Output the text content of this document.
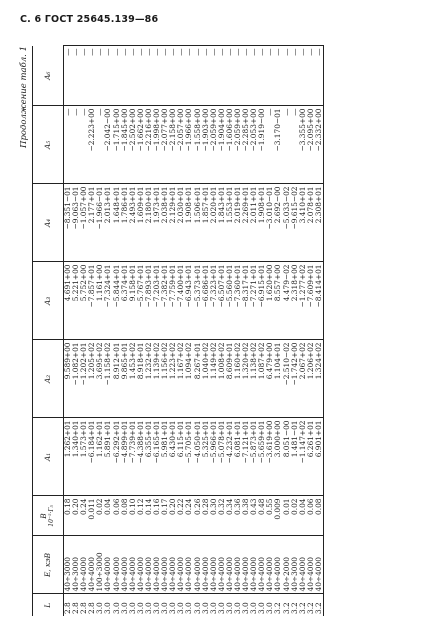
С. 6 ГОСТ 25645.139—86
Продолжение табл. 1
L	E, кэВ	B 10⁻⁵·Г₅	A₁	A₂	A₃	A₄	A₅	A₆	
2.8	40÷3000	0.18	1.262+01	9.589+00	4.691+00	−8.351−01	—	—	
2.8	40÷3000	0.20	1.340+01	−1.082+01	5.221+00	−9.063−01	—	—	
2.8	40÷4000	0.24	1.573+01	−1.202+01	5.752+00	−1.057+00	—	—	
2.8	40÷4000	0.011	−6.184+01	1.205+02	−7.857+01	2.177+01	−2.223+00	—	
3.0	100÷3000	0.02	1.162+01	3.695+02	1.161+00	−1.966−01	—	—	
3.0	40÷4000	0.04	5.891+01	−1.158+02	−7.324+01	2.013+01	−2.042−00	—	
3.0	40÷4000	0.06	−6.292+01	8.912+01	−5.844+01	1.648+01	−1.715+00	—	
3.0	40÷4000	0.08	−4.899+01	9.865+01	6.374+01	1.786+01	−1.845+00	—	
3.0	40÷4000	0.10	−7.739+01	1.453+02	9.158+01	2.493+01	−2.502+00	—	
3.0	40÷4000	0.12	−4.388+01	8.918+01	−5.767+01	1.609+01	−1.662+00	—	
3.0	40÷4000	0.14	6.355+01	1.232+02	−7.893+01	2.180+01	−2.216+00	—	
3.0	40÷4000	0.16	−6.165+01	1.139+02	−7.203+01	1.973+01	−1.998+00	—	
3.0	40÷4000	0.17	5.981+01	1.156+02	−7.382+01	2.038+01	−2.077+00	—	
3.0	40÷4000	0.20	6.430+01	1.223+02	−7.759+01	2.129+01	−2.158+00	—	
3.0	40÷4000	0.22	6.115+01	1.167+02	−7.400+01	2.030+01	−2.057+00	—	
3.0	40÷4000	0.24	−5.705+01	1.094+02	−6.943+01	1.908+01	−1.966+00	—	
3.0	40÷4000	0.26	−4.050+01	8.267+01	−5.373+01	1.506+01	−1.558+00	—	
3.0	40÷4000	0.28	5.325+01	1.040+02	−6.686+01	1.857+01	−1.903+00	—	
3.0	40÷4000	0.30	−5.966+01	1.149+02	−7.323+01	2.020+01	−2.059+00	—	
3.0	40÷4000	0.32	−5.078+01	1.008+02	−6.507+01	1.843+01	−1.904+00	—	
3.0	40÷4000	0.34	−4.232+01	8.609+01	−5.560+01	1.553+01	−1.606+00	—	
3.0	40÷4000	0.36	6.081+01	1.160+02	−7.360+01	2.019+01	−2.059+00	—	
3.0	40÷4000	0.38	−7.121+01	1.320+02	−8.317+01	2.269+01	−2.285+00	—	
3.0	40÷4000	0.43	−5.873+01	1.138+02	−7.271+01	2.011+01	−2.053+00	—	
3.0	40÷4000	0.48	−5.659+01	1.087+02	−6.915+01	1.908+01	−1.919−00	—	
3.0	40÷4000	0.55	−3.619+00	6.479+00	1.620+00	−3.010−01	—	—	
3.2	40÷4000	0.009	3.000+00	1.104+01	8.557+00	2.692−00	−3.170−01	—	
3.2	40÷2000	0.01	8.051−00	−2.510−02	4.479−02	−5.033−02	—	—	
3.2	40÷3000	0.02	1.481−01	−1.742+00	2.318+00	−9.615−02	—	—	
3.2	40÷4000	0.04	−1.147+02	2.067+02	−1.277+02	3.410+01	−3.355+00	—	
3.2	40÷4000	0.06	6.261+01	1.206+02	−7.609+01	2.078+01	−2.095+00	—	
3.2	40÷4000	0.08	6.901+01	1.324+02	−8.414+01	2.308+01	−2.332+00	—	
